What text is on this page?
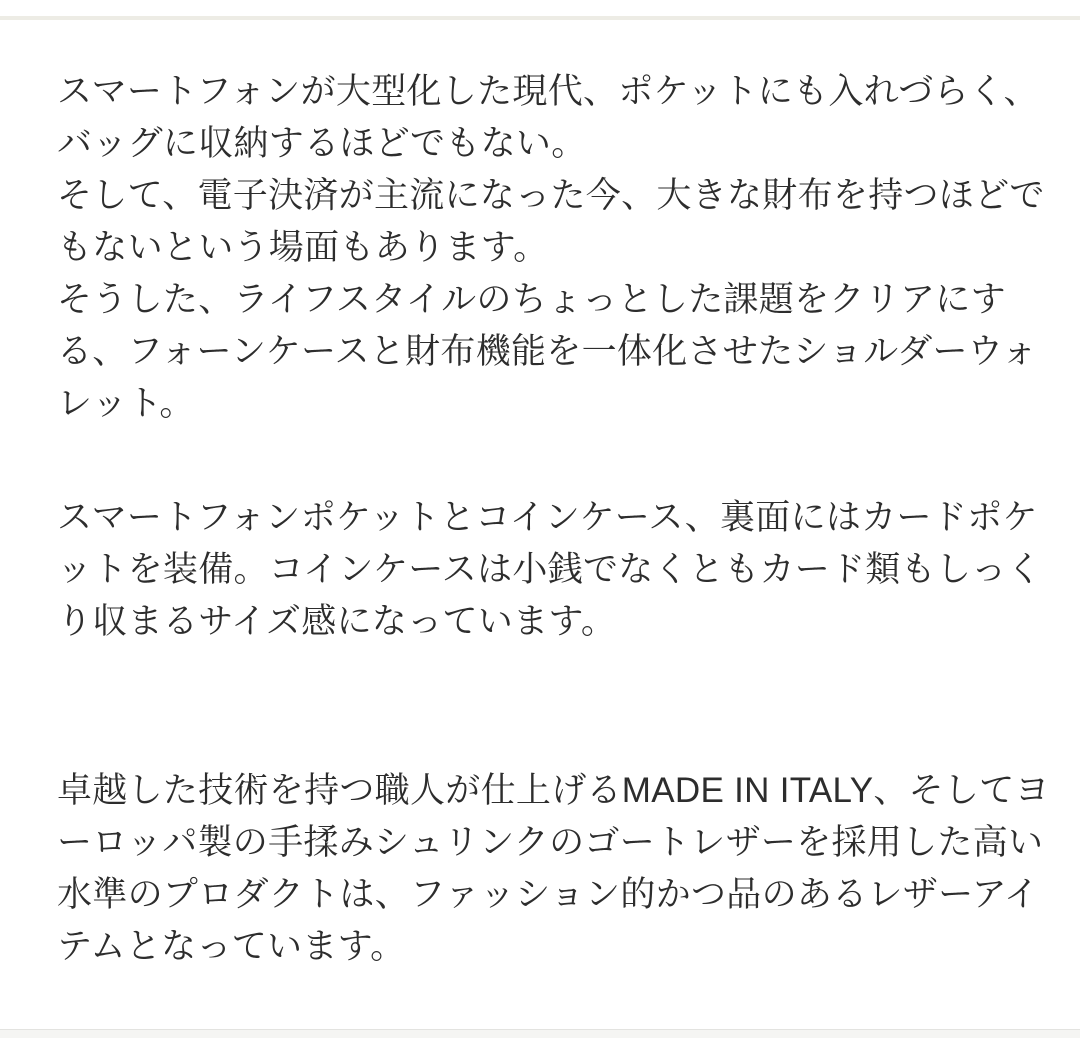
スマートフォンが大型化した現代、ポケットにも入れづらく、
バッグに収納するほどでもない。
そして、電子決済が主流になった今、大きな財布を持つほどで
もないという場面もあります。
そうした、ライフスタイルのちょっとした課題をクリアにす
る、フォーンケースと財布機能を一体化させたショルダーウォ
レット。
スマートフォンポケットとコインケース、裏面にはカードポケ
ットを装備。コインケースは小銭でなくともカード類もしっく
り収まるサイズ感になっています。
卓越した技術を持つ職人が仕上げるMADE IN ITALY、そしてヨ
ーロッパ製の手揉みシュリンクのゴートレザーを採用した高い
水準のプロダクトは、ファッション的かつ品のあるレザーアイ
テムとなっています。
